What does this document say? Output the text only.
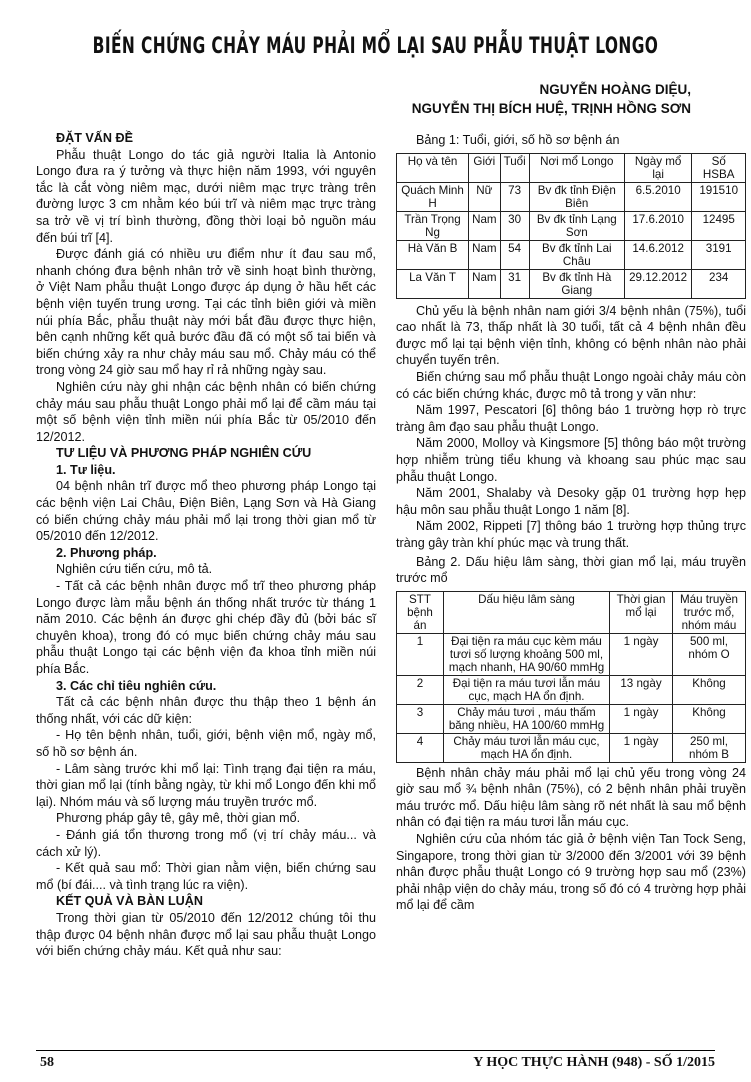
BIẾN CHỨNG CHẢY MÁU PHẢI MỔ LẠI SAU PHẪU THUẬT LONGO
NGUYỄN HOÀNG DIỆU,
NGUYỄN THỊ BÍCH HUỆ, TRỊNH HỒNG SƠN

ĐẶT VẤN ĐỀ

Phẫu thuật Longo do tác giả người Italia là Antonio Longo đưa ra ý tưởng và thực hiện năm 1993, với nguyên tắc là cắt vòng niêm mạc, dưới niêm mạc trực tràng trên đường lược 3 cm nhằm kéo búi trĩ và niêm mạc trực tràng sa trở về vị trí bình thường, đồng thời loại bỏ nguồn máu đến búi trĩ [4].

Được đánh giá có nhiều ưu điểm như ít đau sau mổ, nhanh chóng đưa bệnh nhân trở về sinh hoạt bình thường, ở Việt Nam phẫu thuật Longo được áp dụng ở hầu hết các bệnh viện tuyến trung ương. Tại các tỉnh biên giới và miền núi phía Bắc, phẫu thuật này mới bắt đầu được thực hiện, bên cạnh những kết quả bước đầu đã có một số tai biến và biến chứng xảy ra như chảy máu sau mổ. Chảy máu có thể trong vòng 24 giờ sau mổ hay rỉ rả những ngày sau.

Nghiên cứu này ghi nhận các bệnh nhân có biến chứng chảy máu sau phẫu thuật Longo phải mổ lại để cầm máu tại một số bệnh viện tỉnh miền núi phía Bắc từ 05/2010 đến 12/2012.

TƯ LIỆU VÀ PHƯƠNG PHÁP NGHIÊN CỨU

1. Tư liệu.

04 bệnh nhân trĩ được mổ theo phương pháp Longo tại các bệnh viện Lai Châu, Điện Biên, Lạng Sơn và Hà Giang có biến chứng chảy máu phải mổ lại trong thời gian mổ từ 05/2010 đến 12/2012.

2. Phương pháp.

Nghiên cứu tiến cứu, mô tả.

- Tất cả các bệnh nhân được mổ trĩ theo phương pháp Longo được làm mẫu bệnh án thống nhất trước từ tháng 1 năm 2010. Các bệnh án được ghi chép đầy đủ (bởi bác sĩ chuyên khoa), trong đó có mục biến chứng chảy máu sau phẫu thuật Longo tại các bệnh viện đa khoa tỉnh miền núi phía Bắc.

3. Các chỉ tiêu nghiên cứu.

Tất cả các bệnh nhân được thu thập theo 1 bệnh án thống nhất, với các dữ kiện:

- Họ tên bệnh nhân, tuổi, giới, bệnh viện mổ, ngày mổ, số hồ sơ bệnh án.

- Lâm sàng trước khi mổ lại: Tình trạng đại tiện ra máu, thời gian mổ lại (tính bằng ngày, từ khi mổ Longo đến khi mổ lại). Nhóm máu và số lượng máu truyền trước mổ.

Phương pháp gây tê, gây mê, thời gian mổ.

- Đánh giá tổn thương trong mổ (vị trí chảy máu... và cách xử lý).

- Kết quả sau mổ: Thời gian nằm viện, biến chứng sau mổ (bí đái.... và tình trạng lúc ra viện).

KẾT QUẢ VÀ BÀN LUẬN

Trong thời gian từ 05/2010 đến 12/2012 chúng tôi thu thập được 04 bệnh nhân được mổ lại sau phẫu thuật Longo với biến chứng chảy máu. Kết quả như sau:

Bảng 1: Tuổi, giới, số hồ sơ bệnh án

Họ và tên	Giới	Tuổi	Nơi mổ Longo	Ngày mổ lại	Số HSBA
Quách Minh H	Nữ	73	Bv đk tỉnh Điện Biên	6.5.2010	191510
Trần Trọng Ng	Nam	30	Bv đk tỉnh Lạng Sơn	17.6.2010	12495
Hà Văn B	Nam	54	Bv đk tỉnh Lai Châu	14.6.2012	3191
La Văn T	Nam	31	Bv đk tỉnh Hà Giang	29.12.2012	234

Chủ yếu là bệnh nhân nam giới 3/4 bệnh nhân (75%), tuổi cao nhất là 73, thấp nhất là 30 tuổi, tất cả 4 bệnh nhân đều được mổ lại tại bệnh viện tỉnh, không có bệnh nhân nào phải chuyển tuyến trên.

Biến chứng sau mổ phẫu thuật Longo ngoài chảy máu còn có các biến chứng khác, được mô tả trong y văn như:

Năm 1997, Pescatori [6] thông báo 1 trường hợp rò trực tràng âm đạo sau phẫu thuật Longo.

Năm 2000, Molloy và Kingsmore [5] thông báo một trường hợp nhiễm trùng tiểu khung và khoang sau phúc mạc sau phẫu thuật Longo.

Năm 2001, Shalaby và Desoky gặp 01 trường hợp hẹp hậu môn sau phẫu thuật Longo 1 năm [8].

Năm 2002, Rippeti [7] thông báo 1 trường hợp thủng trực tràng gây tràn khí phúc mạc và trung thất.

Bảng 2. Dấu hiệu lâm sàng, thời gian mổ lại, máu truyền trước mổ

STT bệnh án	Dấu hiệu lâm sàng	Thời gian mổ lại	Máu truyền trước mổ, nhóm máu
1	Đại tiện ra máu cục kèm máu tươi số lượng khoảng 500 ml, mạch nhanh, HA 90/60 mmHg	1 ngày	500 ml, nhóm O
2	Đại tiện ra máu tươi lẫn máu cục, mạch HA ổn định.	13 ngày	Không
3	Chảy máu tươi , máu thấm băng nhiều, HA 100/60 mmHg	1 ngày	Không
4	Chảy máu tươi lẫn máu cục, mạch HA ổn định.	1 ngày	250 ml, nhóm B

Bệnh nhân chảy máu phải mổ lại chủ yếu trong vòng 24 giờ sau mổ ¾ bệnh nhân (75%), có 2 bệnh nhân phải truyền máu trước mổ. Dấu hiệu lâm sàng rõ nét nhất là sau mổ bệnh nhân có đại tiện ra máu tươi lẫn máu cục.

Nghiên cứu của nhóm tác giả ở bệnh viện Tan Tock Seng, Singapore, trong thời gian từ 3/2000 đến 3/2001 với 39 bệnh nhân được phẫu thuật Longo có 9 trường hợp sau mổ (23%) phải nhập viện do chảy máu, trong số đó có 4 trường hợp phải mổ lại để cầm

58	Y HỌC THỰC HÀNH (948) - SỐ 1/2015
